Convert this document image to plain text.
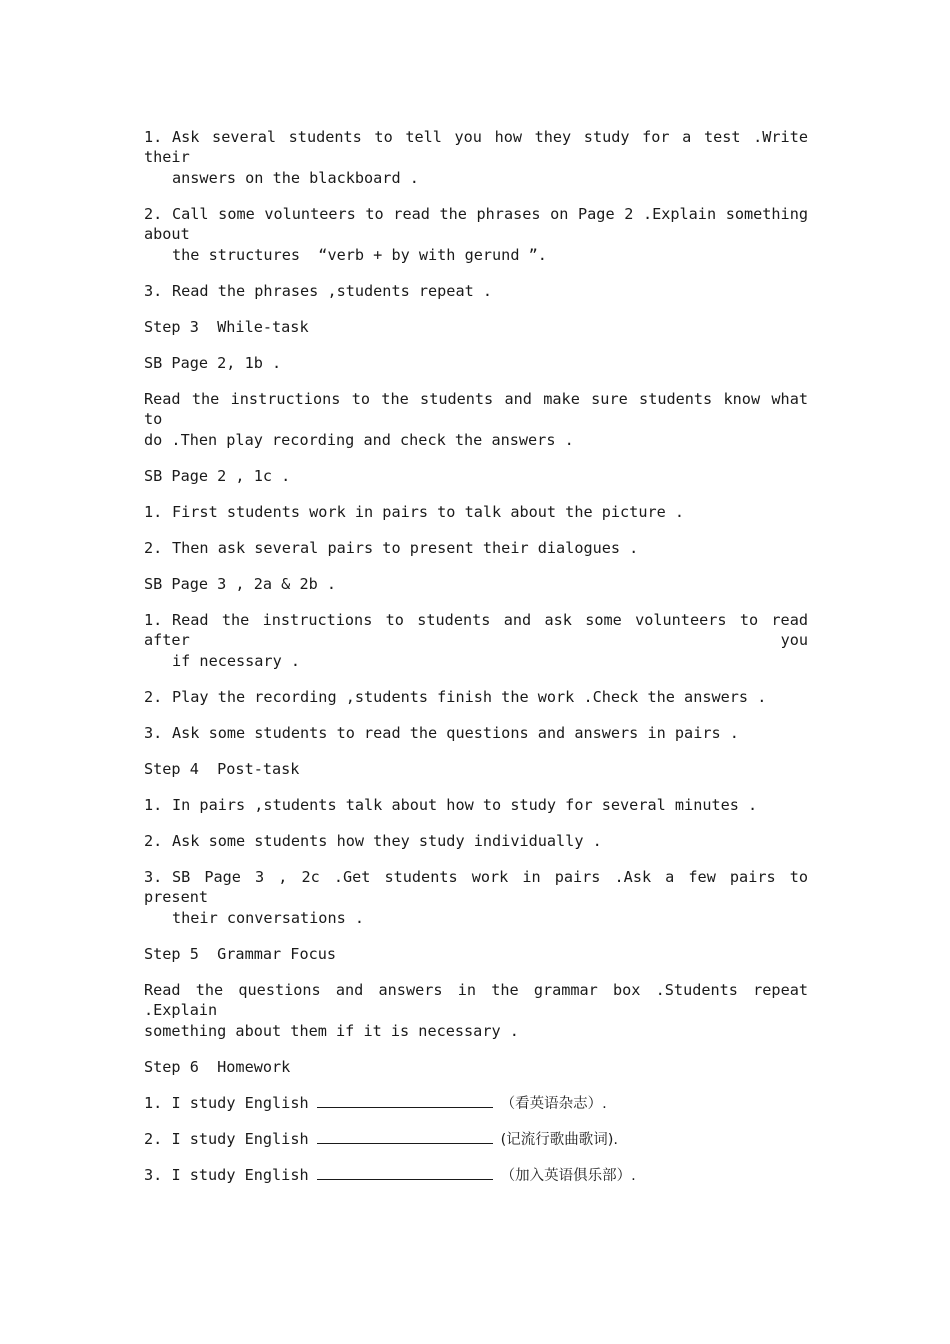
1. Ask several students to tell you how they study for a test .Write their
answers on the blackboard .
2. Call some volunteers to read the phrases on Page 2 .Explain something about
the structures  “verb + by with gerund ”.
3. Read the phrases ,students repeat .
Step 3  While-task
SB Page 2, 1b .
Read the instructions to the students and make sure students know what to
do .Then play recording and check the answers .
SB Page 2 , 1c .
1. First students work in pairs to talk about the picture .
2. Then ask several pairs to present their dialogues .
SB Page 3 , 2a & 2b .
1. Read the instructions to students and ask some volunteers to read after you
if necessary .
2. Play the recording ,students finish the work .Check the answers .
3. Ask some students to read the questions and answers in pairs .
Step 4  Post-task
1. In pairs ,students talk about how to study for several minutes .
2. Ask some students how they study individually .
3. SB Page 3 , 2c .Get students work in pairs .Ask a few pairs to present
their conversations .
Step 5  Grammar Focus
Read the questions and answers in the grammar box .Students repeat .Explain
something about them if it is necessary .
Step 6  Homework
1. I study English	（看英语杂志）.
2. I study English	(记流行歌曲歌词).
3. I study English	（加入英语俱乐部）.
